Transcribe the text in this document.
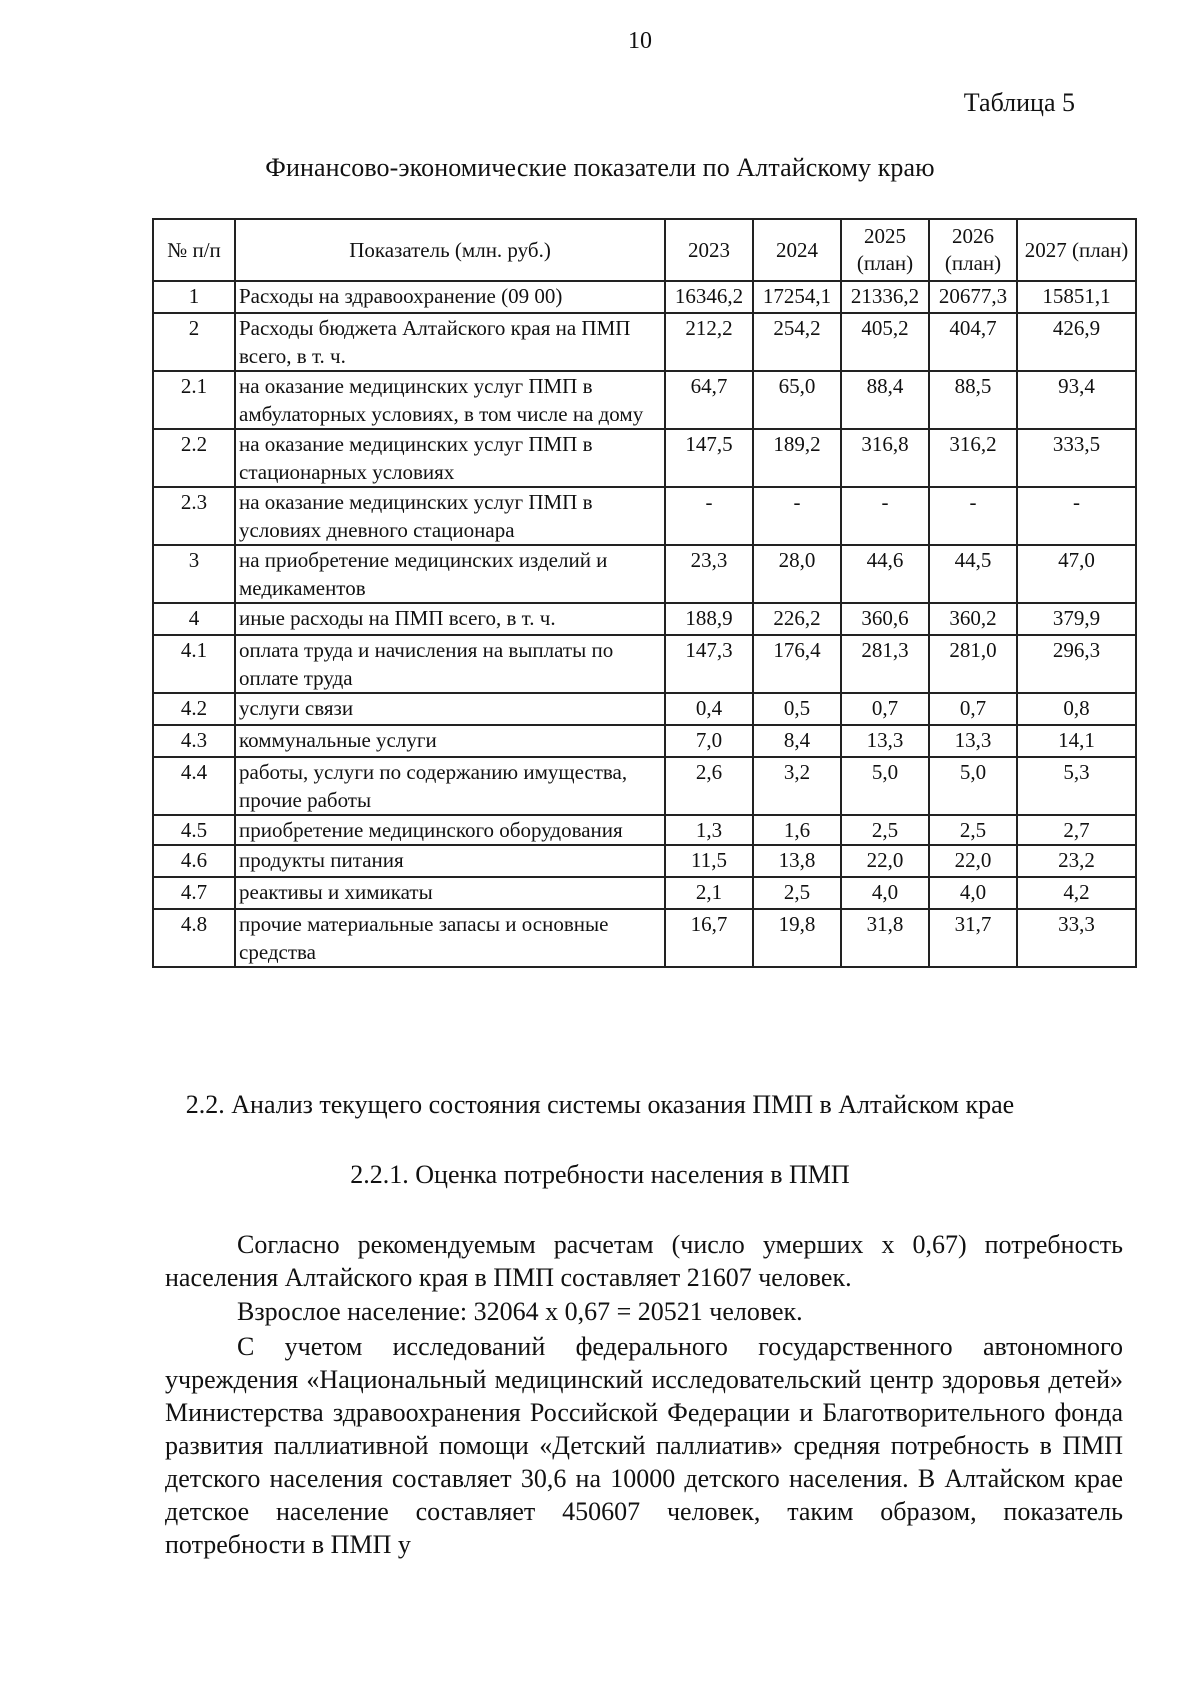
10
Таблица 5
Финансово-экономические показатели по Алтайскому краю
№ п/п	Показатель (млн. руб.)	2023	2024	2025 (план)	2026 (план)	2027 (план)
1	Расходы на здравоохранение (09 00)	16346,2	17254,1	21336,2	20677,3	15851,1
2	Расходы бюджета Алтайского края на ПМП всего, в т. ч.	212,2	254,2	405,2	404,7	426,9
2.1	на оказание медицинских услуг ПМП в амбулаторных условиях, в том числе на дому	64,7	65,0	88,4	88,5	93,4
2.2	на оказание медицинских услуг ПМП в стационарных условиях	147,5	189,2	316,8	316,2	333,5
2.3	на оказание медицинских услуг ПМП в условиях дневного стационара	-	-	-	-	-
3	на приобретение медицинских изделий и медикаментов	23,3	28,0	44,6	44,5	47,0
4	иные расходы на ПМП всего, в т. ч.	188,9	226,2	360,6	360,2	379,9
4.1	оплата труда и начисления на выплаты по оплате труда	147,3	176,4	281,3	281,0	296,3
4.2	услуги связи	0,4	0,5	0,7	0,7	0,8
4.3	коммунальные услуги	7,0	8,4	13,3	13,3	14,1
4.4	работы, услуги по содержанию имущества, прочие работы	2,6	3,2	5,0	5,0	5,3
4.5	приобретение медицинского оборудования	1,3	1,6	2,5	2,5	2,7
4.6	продукты питания	11,5	13,8	22,0	22,0	23,2
4.7	реактивы и химикаты	2,1	2,5	4,0	4,0	4,2
4.8	прочие материальные запасы и основные средства	16,7	19,8	31,8	31,7	33,3
2.2. Анализ текущего состояния системы оказания ПМП в Алтайском крае
2.2.1. Оценка потребности населения в ПМП
Согласно рекомендуемым расчетам (число умерших х 0,67) потребность населения Алтайского края в ПМП составляет 21607 человек.
Взрослое население: 32064 х 0,67 = 20521 человек.
С учетом исследований федерального государственного автономного учреждения «Национальный медицинский исследовательский центр здоровья детей» Министерства здравоохранения Российской Федерации и Благотворительного фонда развития паллиативной помощи «Детский паллиатив» средняя потребность в ПМП детского населения составляет 30,6 на 10000 детского населения. В Алтайском крае детское население составляет 450607 человек, таким образом, показатель потребности в ПМП у
